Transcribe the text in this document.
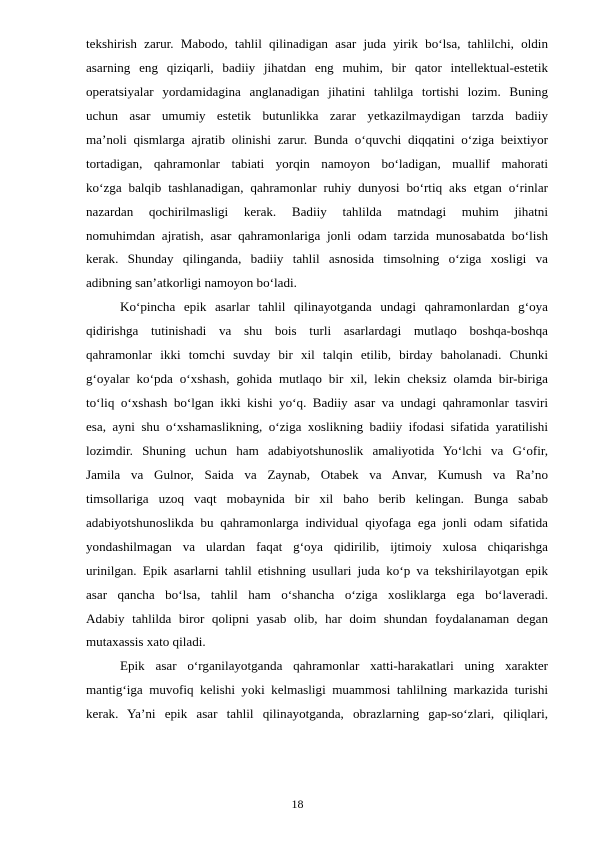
tekshirish zarur. Mabodo, tahlil qilinadigan asar juda yirik bo‘lsa, tahlilchi, oldin
asarning eng qiziqarli, badiiy jihatdan eng muhim, bir qator intellektual-estetik
operatsiyalar yordamidagina anglanadigan jihatini tahlilga tortishi lozim. Buning
uchun asar umumiy estetik butunlikka zarar yetkazilmaydigan tarzda badiiy
ma’noli qismlarga ajratib olinishi zarur. Bunda o‘quvchi diqqatini o‘ziga beixtiyor
tortadigan, qahramonlar tabiati yorqin namoyon bo‘ladigan, muallif mahorati
ko‘zga balqib tashlanadigan, qahramonlar ruhiy dunyosi bo‘rtiq aks etgan o‘rinlar
nazardan qochirilmasligi kerak. Badiiy tahlilda matndagi muhim jihatni
nomuhimdan ajratish, asar qahramonlariga jonli odam tarzida munosabatda bo‘lish
kerak. Shunday qilinganda, badiiy tahlil asnosida timsolning o‘ziga xosligi va
adibning san’atkorligi namoyon bo‘ladi.
Ko‘pincha epik asarlar tahlil qilinayotganda undagi qahramonlardan g‘oya
qidirishga tutinishadi va shu bois turli asarlardagi mutlaqo boshqa-boshqa
qahramonlar ikki tomchi suvday bir xil talqin etilib, birday baholanadi. Chunki
g‘oyalar ko‘pda o‘xshash, gohida mutlaqo bir xil, lekin cheksiz olamda bir-biriga
to‘liq o‘xshash bo‘lgan ikki kishi yo‘q. Badiiy asar va undagi qahramonlar tasviri
esa, ayni shu o‘xshamaslikning, o‘ziga xoslikning badiiy ifodasi sifatida yaratilishi
lozimdir. Shuning uchun ham adabiyotshunoslik amaliyotida Yo‘lchi va G‘ofir,
Jamila va Gulnor, Saida va Zaynab, Otabek va Anvar, Kumush va Ra’no
timsollariga uzoq vaqt mobaynida bir xil baho berib kelingan. Bunga sabab
adabiyotshunoslikda bu qahramonlarga individual qiyofaga ega jonli odam sifatida
yondashilmagan va ulardan faqat g‘oya qidirilib, ijtimoiy xulosa chiqarishga
urinilgan. Epik asarlarni tahlil etishning usullari juda ko‘p va tekshirilayotgan epik
asar qancha bo‘lsa, tahlil ham o‘shancha o‘ziga xosliklarga ega bo‘laveradi.
Adabiy tahlilda biror qolipni yasab olib, har doim shundan foydalanaman degan
mutaxassis xato qiladi.
Epik asar o‘rganilayotganda qahramonlar xatti-harakatlari uning xarakter
mantig‘iga muvofiq kelishi yoki kelmasligi muammosi tahlilning markazida turishi
kerak. Ya’ni epik asar tahlil qilinayotganda, obrazlarning gap-so‘zlari, qiliqlari,
18
